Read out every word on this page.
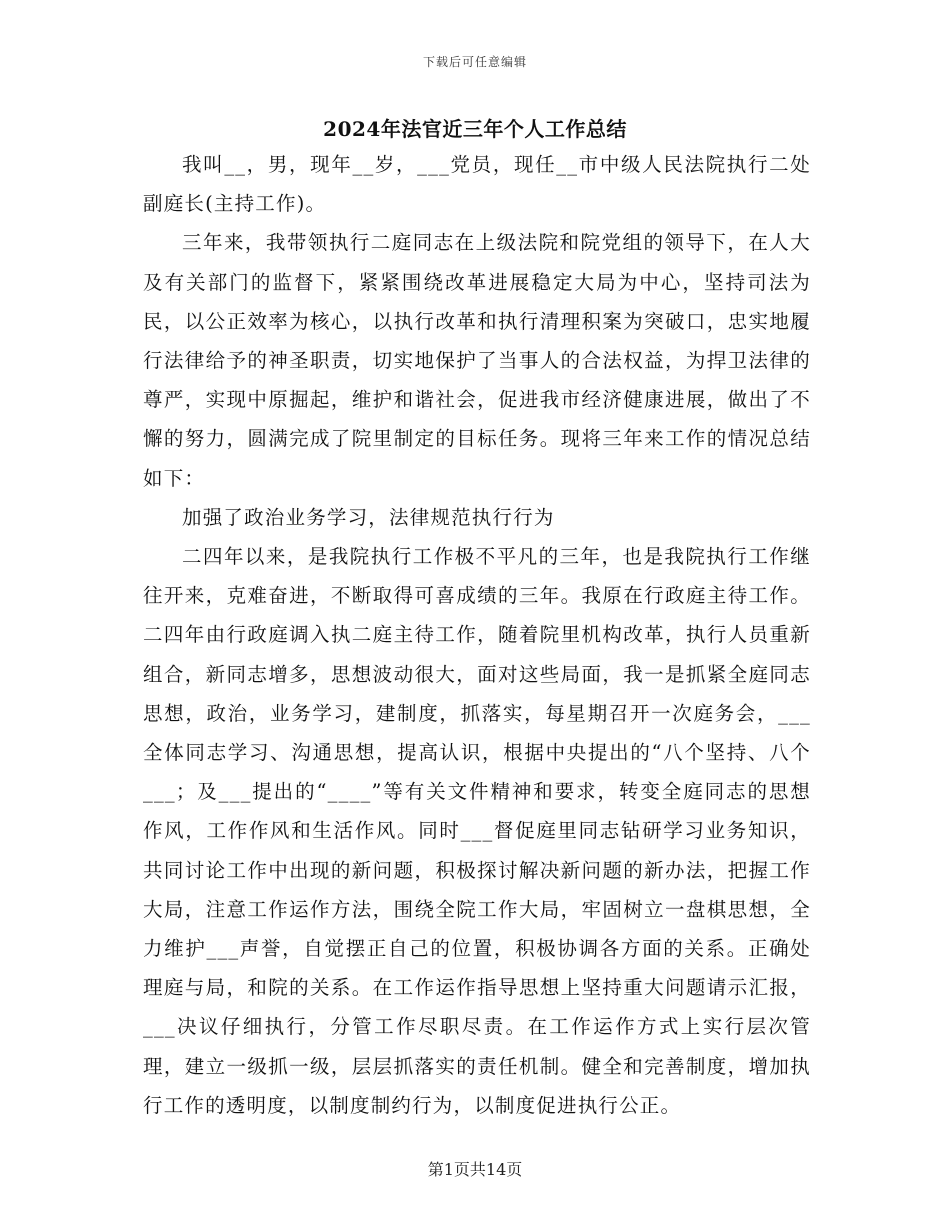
下载后可任意编辑
2024年法官近三年个人工作总结

我叫__，男，现年__岁，___党员，现任__市中级人民法院执行二处副庭长(主持工作)。

三年来，我带领执行二庭同志在上级法院和院党组的领导下，在人大及有关部门的监督下，紧紧围绕改革进展稳定大局为中心，坚持司法为民，以公正效率为核心，以执行改革和执行清理积案为突破口，忠实地履行法律给予的神圣职责，切实地保护了当事人的合法权益，为捍卫法律的尊严，实现中原掘起，维护和谐社会，促进我市经济健康进展，做出了不懈的努力，圆满完成了院里制定的目标任务。现将三年来工作的情况总结如下：

加强了政治业务学习，法律规范执行行为

二四年以来，是我院执行工作极不平凡的三年，也是我院执行工作继往开来，克难奋进，不断取得可喜成绩的三年。我原在行政庭主待工作。二四年由行政庭调入执二庭主待工作，随着院里机构改革，执行人员重新组合，新同志增多，思想波动很大，面对这些局面，我一是抓紧全庭同志思想，政治，业务学习，建制度，抓落实，每星期召开一次庭务会，___全体同志学习、沟通思想，提高认识，根据中央提出的“八个坚持、八个___；及___提出的“____”等有关文件精神和要求，转变全庭同志的思想作风，工作作风和生活作风。同时___督促庭里同志钻研学习业务知识，共同讨论工作中出现的新问题，积极探讨解决新问题的新办法，把握工作大局，注意工作运作方法，围绕全院工作大局，牢固树立一盘棋思想，全力维护___声誉，自觉摆正自己的位置，积极协调各方面的关系。正确处理庭与局，和院的关系。在工作运作指导思想上坚持重大问题请示汇报，___决议仔细执行，分管工作尽职尽责。在工作运作方式上实行层次管理，建立一级抓一级，层层抓落实的责任机制。健全和完善制度，增加执行工作的透明度，以制度制约行为，以制度促进执行公正。

第1页共14页
